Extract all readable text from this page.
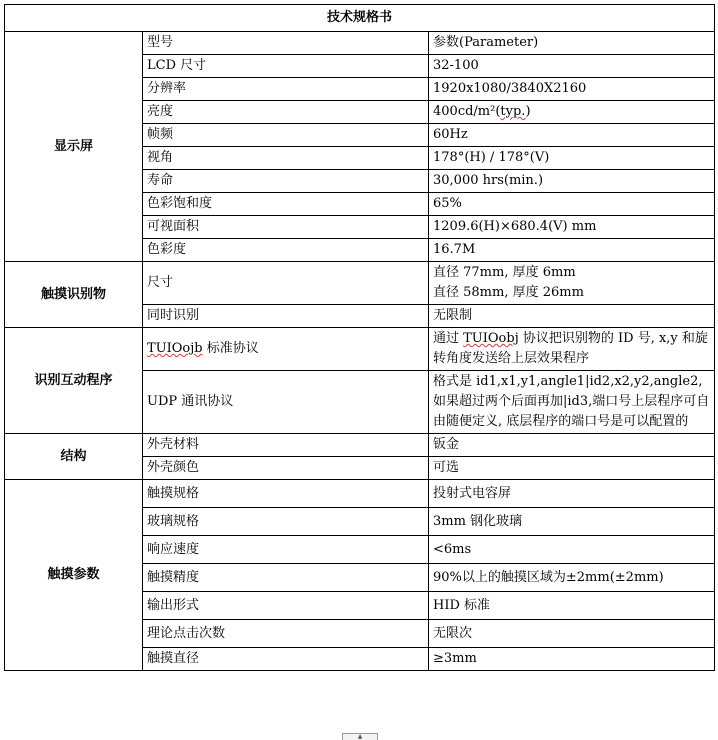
技术规格书		
显示屏	型号	参数(Parameter)
	LCD 尺寸	32-100
	分辨率	1920x1080/3840X2160
	亮度	400cd/m²(typ.)
	帧频	60Hz
	视角	178°(H) / 178°(V)
	寿命	30,000 hrs(min.)
	色彩饱和度	65%
	可视面积	1209.6(H)×680.4(V) mm
	色彩度	16.7M
触摸识别物	尺寸	直径 77mm, 厚度 6mm
直径 58mm, 厚度 26mm

	同时识别	无限制
识别互动程序	TUIOojb 标准协议	通过 TUIOobj 协议把识别物的 ID 号, x,y 和旋转角度发送给上层效果程序
	UDP 通讯协议	格式是 id1,x1,y1,angle1|id2,x2,y2,angle2, 如果超过两个后面再加|id3,端口号上层程序可自由随便定义, 底层程序的端口号是可以配置的
结构	外壳材料	钣金
	外壳颜色	可选
触摸参数	触摸规格	投射式电容屏
	玻璃规格	3mm 钢化玻璃
	响应速度	<6ms
	触摸精度	90%以上的触摸区域为±2mm(±2mm)
	输出形式	HID 标准
	理论点击次数	无限次
	触摸直径	≥3mm
▲
